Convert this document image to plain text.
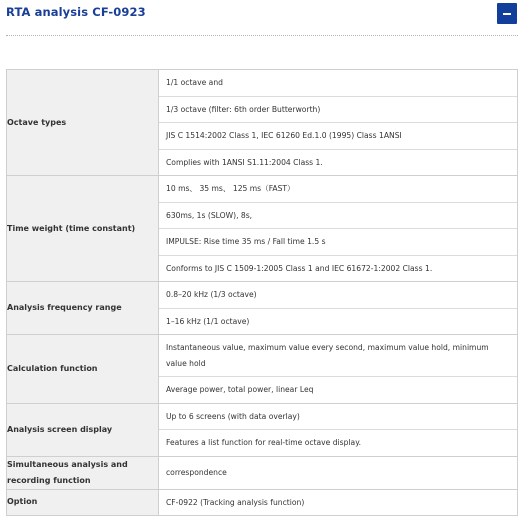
RTA analysis CF-0923
Octave types	1/1 octave and
1/3 octave (filter: 6th order Butterworth)
JIS C 1514:2002 Class 1, IEC 61260 Ed.1.0 (1995) Class 1ANSI
Complies with 1ANSI S1.11:2004 Class 1.

Time weight (time constant)	10 ms、 35 ms、 125 ms（FAST）
630ms, 1s (SLOW), 8s,
IMPULSE: Rise time 35 ms / Fall time 1.5 s
Conforms to JIS C 1509-1:2005 Class 1 and IEC 61672-1:2002 Class 1.

Analysis frequency range	0.8–20 kHz (1/3 octave)
1–16 kHz (1/1 octave)

Calculation function	Instantaneous value, maximum value every second, maximum value hold, minimum value hold
Average power, total power, linear Leq

Analysis screen display	Up to 6 screens (with data overlay)
Features a list function for real-time octave display.

Simultaneous analysis and recording function	correspondence

Option	CF-0922 (Tracking analysis function)
